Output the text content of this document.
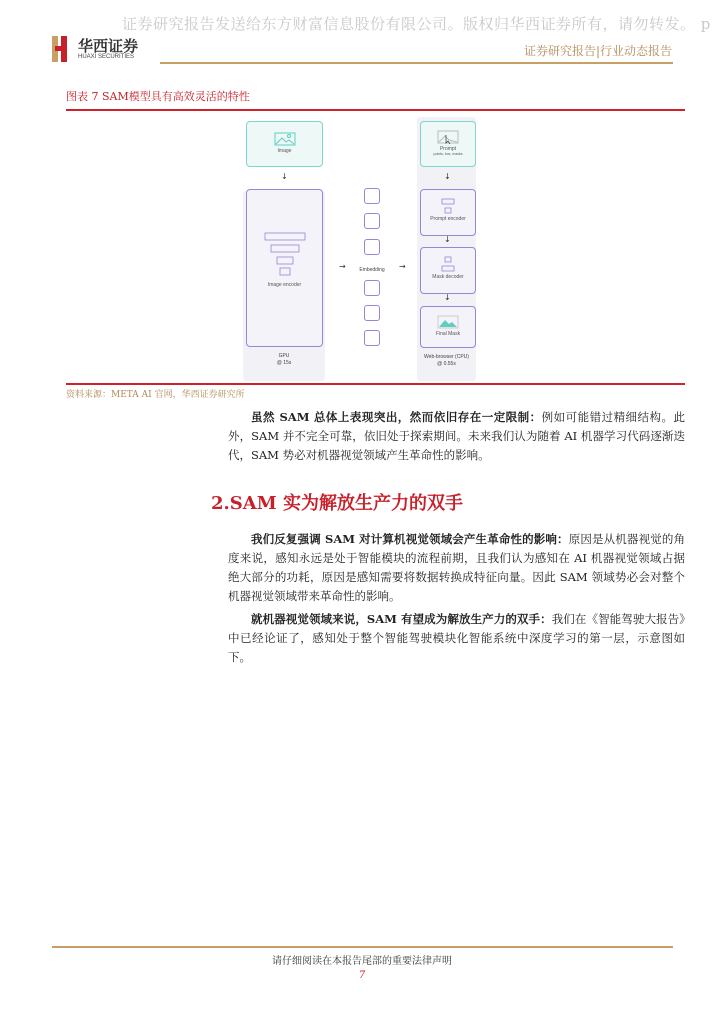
证券研究报告发送给东方财富信息股份有限公司。版权归华西证券所有，请勿转发。 p
华西证券
HUAXI SECURITIES	证券研究报告|行业动态报告
图表 7 SAM模型具有高效灵活的特性
Image
↓
Image encoder
GPU
@ 15s
→	Embedding	→
Prompt
points, box, masks
↓
Prompt encoder
↓
Mask decoder
↓
Final Mask
Web-browser (CPU)
@ 0.55s
资料来源：META AI 官网，华西证券研究所
虽然 SAM 总体上表现突出，然而依旧存在一定限制：例如可能错过精细结构。此外，SAM 并不完全可靠，依旧处于探索期间。未来我们认为随着 AI 机器学习代码逐渐迭代，SAM 势必对机器视觉领域产生革命性的影响。
2.SAM 实为解放生产力的双手
我们反复强调 SAM 对计算机视觉领域会产生革命性的影响：原因是从机器视觉的角度来说，感知永远是处于智能模块的流程前期，且我们认为感知在 AI 机器视觉领域占据绝大部分的功耗，原因是感知需要将数据转换成特征向量。因此 SAM 领域势必会对整个机器视觉领域带来革命性的影响。
就机器视觉领域来说，SAM 有望成为解放生产力的双手：我们在《智能驾驶大报告》中已经论证了，感知处于整个智能驾驶模块化智能系统中深度学习的第一层，示意图如下。
请仔细阅读在本报告尾部的重要法律声明
7
